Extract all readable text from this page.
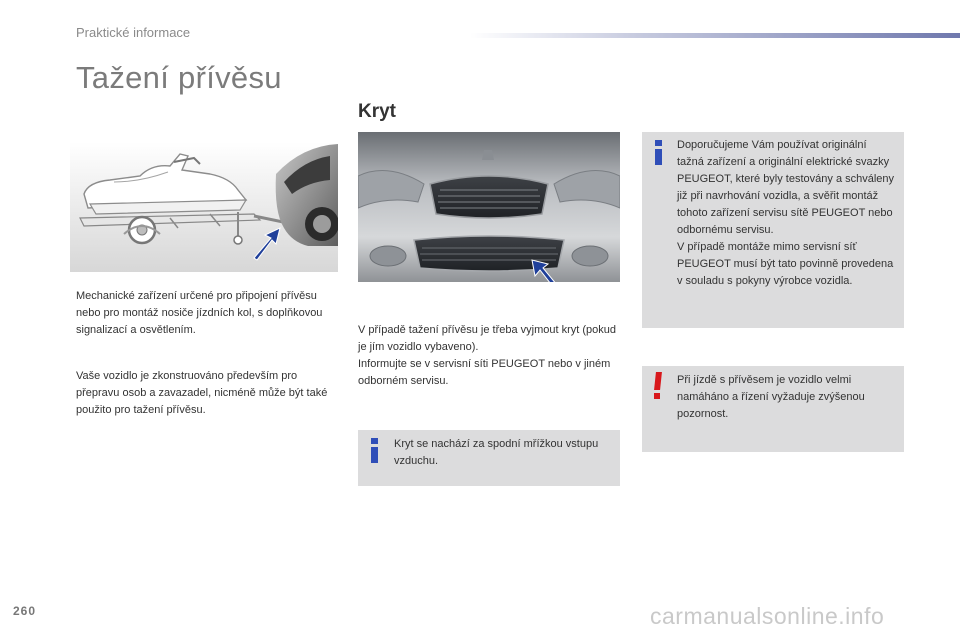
Praktické informace
Tažení přívěsu
Kryt

Mechanické zařízení určené pro připojení přívěsu nebo pro montáž nosiče jízdních kol, s doplňkovou signalizací a osvětlením.

Vaše vozidlo je zkonstruováno především pro přepravu osob a zavazadel, nicméně může být také použito pro tažení přívěsu.

V případě tažení přívěsu je třeba vyjmout kryt (pokud je jím vozidlo vybaveno).
Informujte se v servisní síti PEUGEOT nebo v jiném odborném servisu.

Kryt se nachází za spodní mřížkou vstupu vzduchu.
Doporučujeme Vám používat originální tažná zařízení a originální elektrické svazky PEUGEOT, které byly testovány a schváleny již při navrhování vozidla, a svěřit montáž tohoto zařízení servisu sítě PEUGEOT nebo odbornému servisu.
V případě montáže mimo servisní síť PEUGEOT musí být tato povinně provedena v souladu s pokyny výrobce vozidla.
Při jízdě s přívěsem je vozidlo velmi namáháno a řízení vyžaduje zvýšenou pozornost.
260	carmanualsonline.info
